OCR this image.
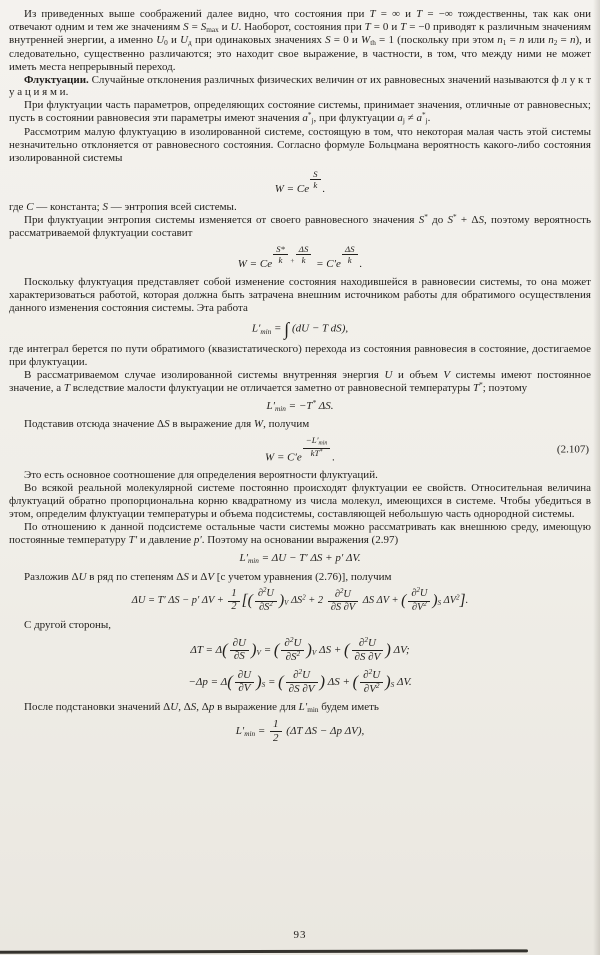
Из приведенных выше соображений далее видно, что состояния при T = ∞ и T = −∞ тождественны, так как они отвечают одним и тем же значениям S = Smax и U. Наоборот, состояния при T = 0 и T = −0 приводят к различным значениям внутренней энергии, а именно U0 и Uд при одинаковых значениях S = 0 и Wth = 1 (поскольку при этом n1 = n или n2 = n), и следовательно, существенно различаются; это находит свое выражение, в частности, в том, что между ними не может иметь места непрерывный переход.

Флуктуации. Случайные отклонения различных физических величин от их равновесных значений называются ф л у к т у а ц и я м и.

При флуктуации часть параметров, определяющих состояние системы, принимает значения, отличные от равновесных; пусть в состоянии равновесия эти параметры имеют значения a*j, при флуктуации aj ≠ a*j.

Рассмотрим малую флуктуацию в изолированной системе, состоящую в том, что некоторая малая часть этой системы незначительно отклоняется от равновесного состояния. Согласно формуле Больцмана вероятность какого-либо состояния изолированной системы

W = Ce $\frac{S}{k}$ .

где C — константа; S — энтропия всей системы.

При флуктуации энтропия системы изменяется от своего равновесного значения S* до S* + ΔS, поэтому вероятность рассматриваемой флуктуации составит

W = Ce $\frac{S*}{k} ^+ \frac{\Delta S}{k} = C'e \frac{\Delta S}{k}$ .

Поскольку флуктуация представляет собой изменение состояния находившейся в равновесии системы, то она может характеризоваться работой, которая должна быть затрачена внешним источником работы для обратимого осуществления данного изменения состояния системы. Эта работа

L′min = ∫ (dU − T dS),

где интеграл берется по пути обратимого (квазистатического) перехода из состояния равновесия в состояние, достигаемое при флуктуации.

В рассматриваемом случае изолированной системы внутренняя энергия U и объем V системы имеют постоянное значение, а T вследствие малости флуктуации не отличается заметно от равновесной температуры T*; поэтому

L′min = −T* ΔS.

Подставив отсюда значение ΔS в выражение для W, получим

$W = C'e \frac{-L'\min}{kT^*}$ .
(2.107)

Это есть основное соотношение для определения вероятности флуктуаций.

Во всякой реальной молекулярной системе постоянно происходят флуктуации ее свойств. Относительная величина флуктуаций обратно пропорциональна корню квадратному из числа молекул, имеющихся в системе. Чтобы убедиться в этом, определим флуктуации температуры и объема подсистемы, составляющей небольшую часть однородной системы.

По отношению к данной подсистеме остальные части системы можно рассматривать как внешнюю среду, имеющую постоянные температуру T′ и давление p′. Поэтому на основании выражения (2.97)

L′min = ΔU − T′ ΔS + p′ ΔV.

Разложив ΔU в ряд по степеням ΔS и ΔV [с учетом уравнения (2.76)], получим

ΔU = T′ ΔS − p′ $\Delta V + \frac{1}{2}$ [( $\frac{\partial^2U}{\partial S^2} )V$ $\Delta S^2 + 2 \frac{\partial^2U}{\partial S \partial V}$ ΔS ΔV + ( $\frac{\partial^2U}{\partial V^2} )S$ $\Delta V^2$].

С другой стороны,

$\Delta T = \Delta( \frac{\partial U}{\partial S} )V$ = ( $\frac{\partial^2U}{\partial S^2} )V$ ΔS + ( $\frac{\partial^2U}{\partial S \partial V}$ ) ΔV;
$-\Delta p = \Delta( \frac{\partial U}{\partial V} )S$ = ( $\frac{\partial^2U}{\partial S \partial V}$ ) ΔS + ( $\frac{\partial^2U}{\partial V^2} )S$ ΔV.

После подстановки значений ΔU, ΔS, Δp в выражение для L′min будем иметь

$L'\min = \frac{1}{2} (\Delta T$ ΔS − Δp ΔV),
93
